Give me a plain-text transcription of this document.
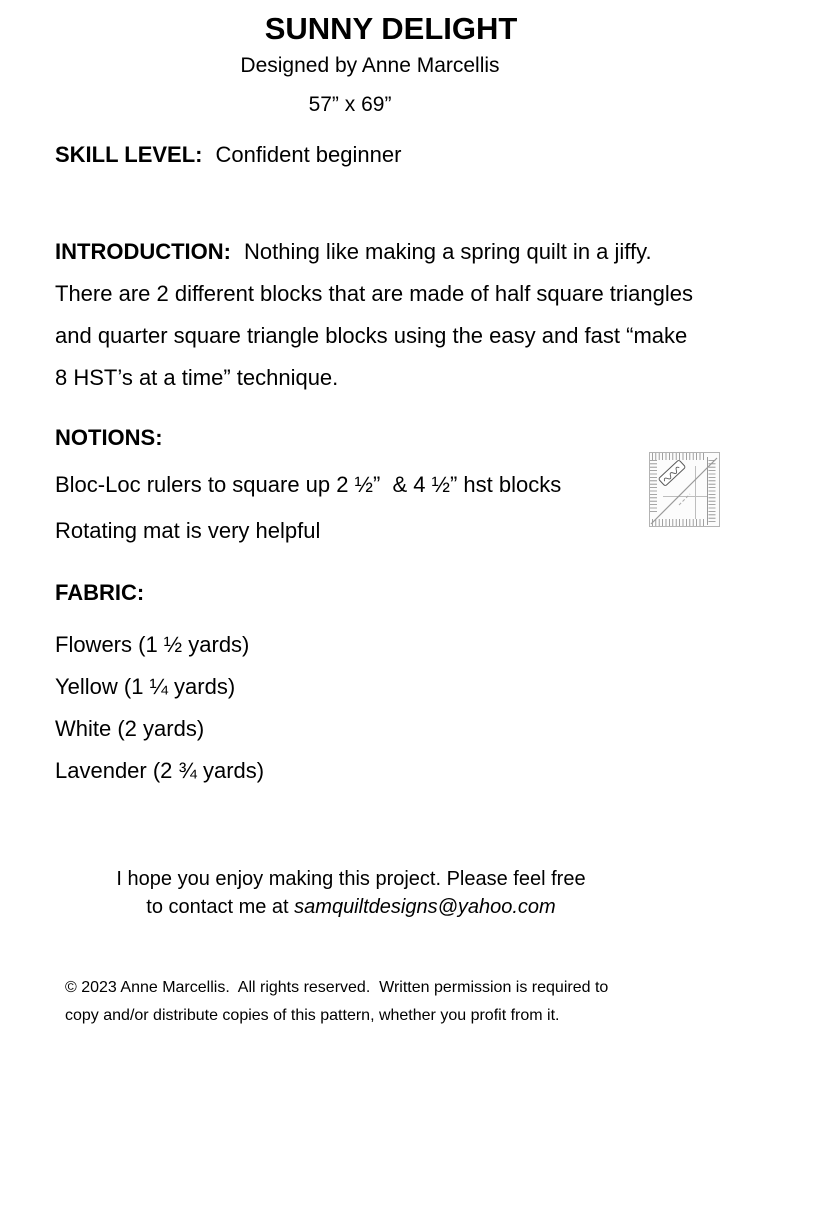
SUNNY DELIGHT
Designed by Anne Marcellis
57” x 69”
SKILL LEVEL: Confident beginner
INTRODUCTION: Nothing like making a spring quilt in a jiffy.
There are 2 different blocks that are made of half square triangles
and quarter square triangle blocks using the easy and fast “make
8 HST’s at a time” technique.
NOTIONS:
Bloc-Loc rulers to square up 2 ½”  & 4 ½” hst blocks
Rotating mat is very helpful
FABRIC:
Flowers (1 ½ yards)
Yellow (1 ¼ yards)
White (2 yards)
Lavender (2 ¾ yards)
I hope you enjoy making this project. Please feel free
to contact me at samquiltdesigns@yahoo.com
© 2023 Anne Marcellis.  All rights reserved.  Written permission is required to
copy and/or distribute copies of this pattern, whether you profit from it.
